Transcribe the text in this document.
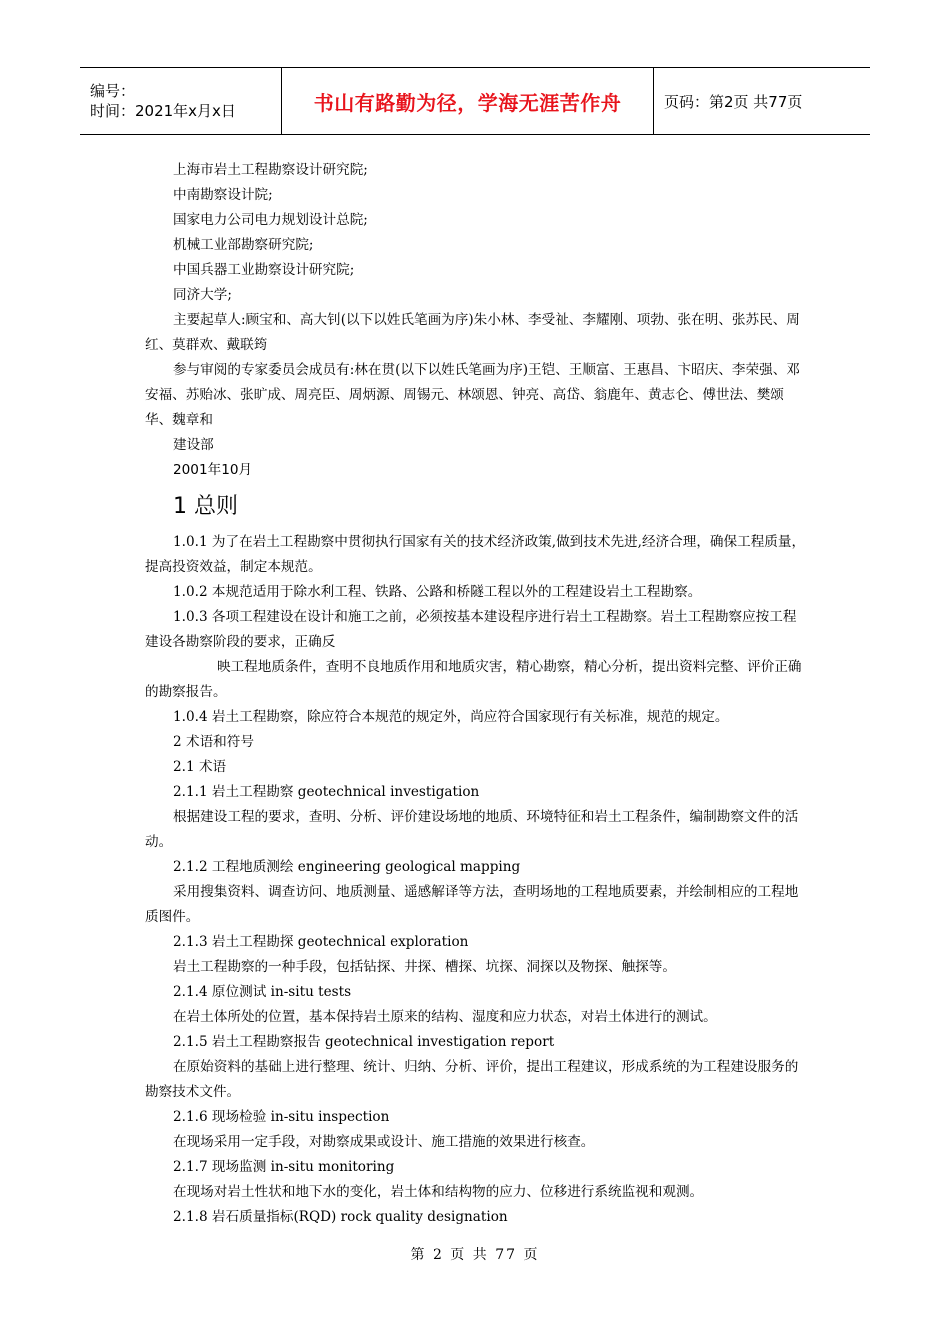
编号：
时间：2021年x月x日	书山有路勤为径，学海无涯苦作舟	页码：第2页 共77页

上海市岩土工程勘察设计研究院;

中南勘察设计院;

国家电力公司电力规划设计总院;

机械工业部勘察研究院;

中国兵器工业勘察设计研究院;

同济大学;

主要起草人:顾宝和、高大钊(以下以姓氏笔画为序)朱小林、李受祉、李耀刚、项勃、张在明、张苏民、周红、莫群欢、戴联筠

参与审阅的专家委员会成员有:林在贯(以下以姓氏笔画为序)王铠、王顺富、王惠昌、卞昭庆、李荣强、邓安福、苏贻冰、张旷成、周亮臣、周炳源、周锡元、林颂恩、钟亮、高岱、翁鹿年、黄志仑、傅世法、樊颂华、魏章和

建设部

2001年10月

1 总则

1.0.1 为了在岩土工程勘察中贯彻执行国家有关的技术经济政策,做到技术先进,经济合理，确保工程质量，提高投资效益，制定本规范。

1.0.2 本规范适用于除水利工程、铁路、公路和桥隧工程以外的工程建设岩土工程勘察。

1.0.3 各项工程建设在设计和施工之前，必须按基本建设程序进行岩土工程勘察。岩土工程勘察应按工程建设各勘察阶段的要求，正确反

映工程地质条件，查明不良地质作用和地质灾害，精心勘察，精心分析，提出资料完整、评价正确的勘察报告。

1.0.4 岩土工程勘察，除应符合本规范的规定外，尚应符合国家现行有关标准，规范的规定。

2 术语和符号

2.1 术语

2.1.1 岩土工程勘察 geotechnical investigation

根据建设工程的要求，查明、分析、评价建设场地的地质、环境特征和岩土工程条件，编制勘察文件的活动。

2.1.2 工程地质测绘 engineering geological mapping

采用搜集资料、调查访问、地质测量、遥感解译等方法，查明场地的工程地质要素，并绘制相应的工程地质图件。

2.1.3 岩土工程勘探 geotechnical exploration

岩土工程勘察的一种手段，包括钻探、井探、槽探、坑探、洞探以及物探、触探等。

2.1.4 原位测试 in-situ tests

在岩土体所处的位置，基本保持岩土原来的结构、湿度和应力状态，对岩土体进行的测试。

2.1.5 岩土工程勘察报告 geotechnical investigation report

在原始资料的基础上进行整理、统计、归纳、分析、评价，提出工程建议，形成系统的为工程建设服务的勘察技术文件。

2.1.6 现场检验 in-situ inspection

在现场采用一定手段，对勘察成果或设计、施工措施的效果进行核查。

2.1.7 现场监测 in-situ monitoring

在现场对岩土性状和地下水的变化，岩土体和结构物的应力、位移进行系统监视和观测。

2.1.8 岩石质量指标(RQD) rock quality designation

第 2 页 共 77 页
